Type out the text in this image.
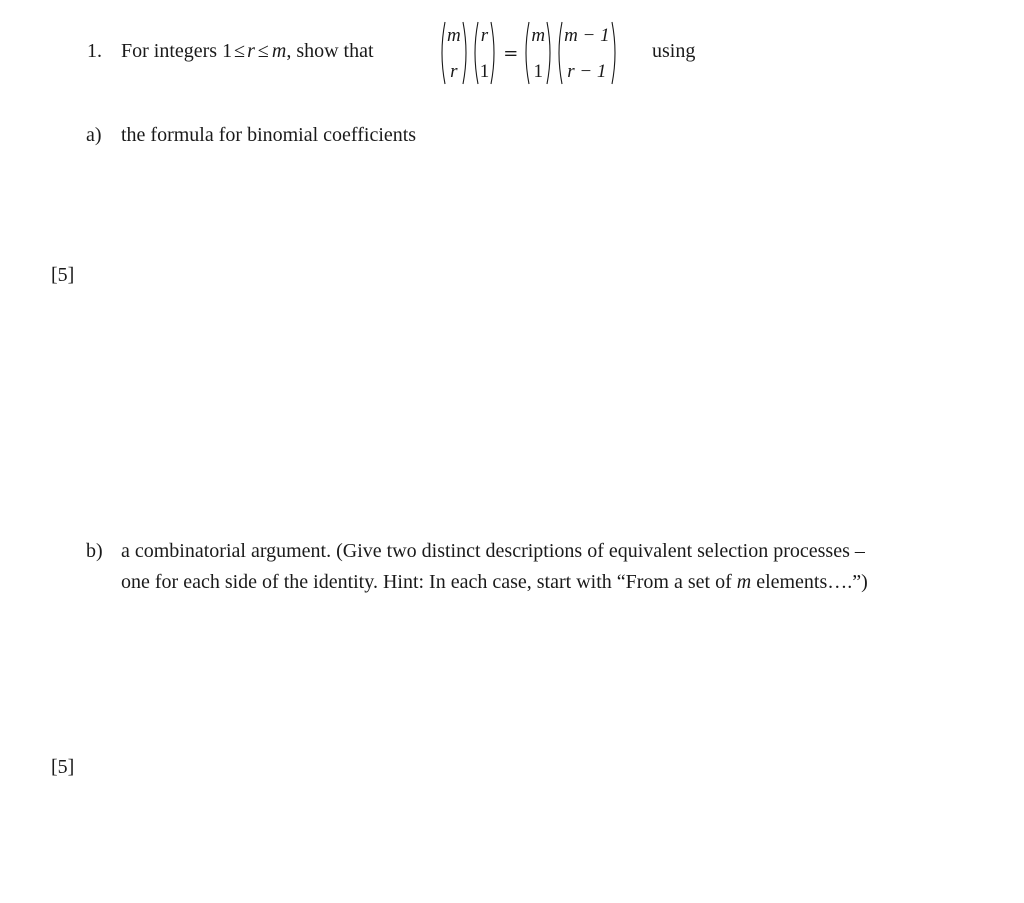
1. For integers 1 ≤ r ≤ m, show that
m
r
r
1
=
m
1
m − 1
r − 1
using
a) the formula for binomial coefficients
[5]
b) a combinatorial argument. (Give two distinct descriptions of equivalent selection processes –
one for each side of the identity. Hint: In each case, start with “From a set of m elements….”)
[5]
